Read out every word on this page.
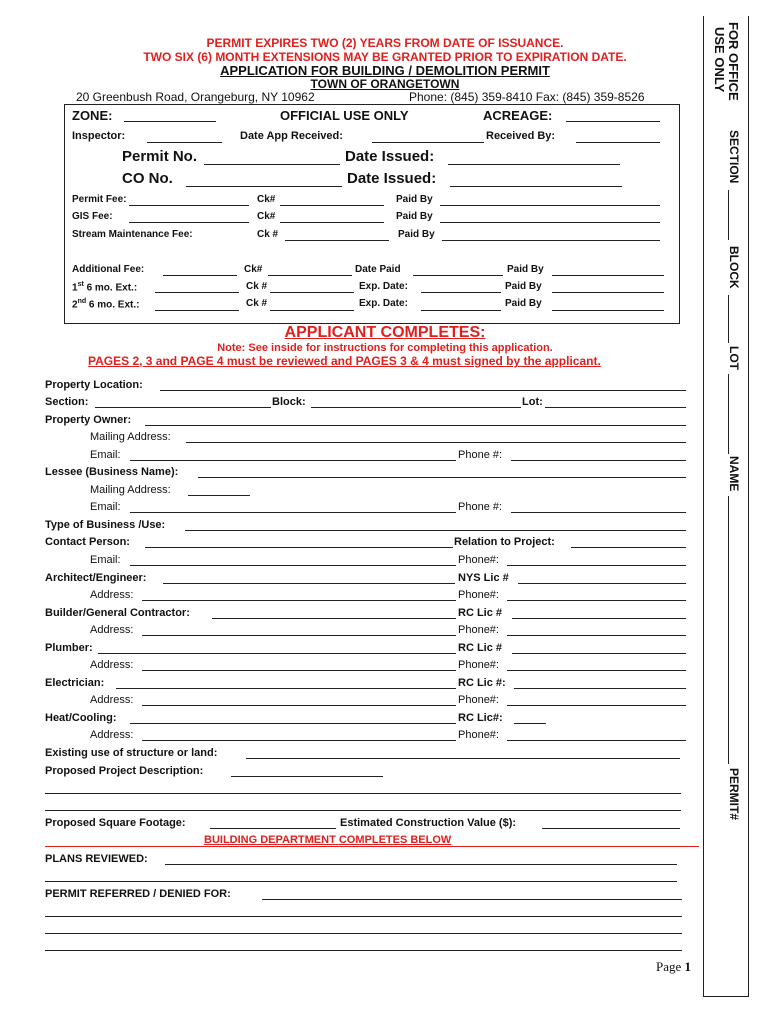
PERMIT EXPIRES TWO (2) YEARS FROM DATE OF ISSUANCE.
TWO SIX (6) MONTH EXTENSIONS MAY BE GRANTED PRIOR TO EXPIRATION DATE.
APPLICATION FOR BUILDING / DEMOLITION PERMIT
TOWN OF ORANGETOWN
20 Greenbush Road, Orangeburg, NY 10962	Phone: (845) 359-8410 Fax: (845) 359-8526
ZONE:	OFFICIAL USE ONLY	ACREAGE:
Inspector:	Date App Received:	Received By:
Permit No.	Date Issued:
CO No.	Date Issued:
Permit Fee:	Ck#	Paid By
GIS Fee:	Ck#	Paid By
Stream Maintenance Fee:	Ck #	Paid By
Additional Fee:	Ck#	Date Paid	Paid By
1st 6 mo. Ext.:	Ck #	Exp. Date:	Paid By
2nd 6 mo. Ext.:	Ck #	Exp. Date:	Paid By
APPLICANT COMPLETES:
Note: See inside for instructions for completing this application.
PAGES 2, 3 and PAGE 4 must be reviewed and PAGES 3 & 4 must signed by the applicant.
Property Location:
Section:	Block:	Lot:
Property Owner:
Mailing Address:
Email:	Phone #:
Lessee (Business Name):
Mailing Address:
Email:	Phone #:
Type of Business /Use:
Contact Person:	Relation to Project:
Email:	Phone#:
Architect/Engineer:	NYS Lic #
Address:	Phone#:
Builder/General Contractor:	RC Lic #
Address:	Phone#:
Plumber:	RC Lic #
Address:	Phone#:
Electrician:	RC Lic #:
Address:	Phone#:
Heat/Cooling:	RC Lic#:
Address:	Phone#:
Existing use of structure or land:
Proposed Project Description:
Proposed Square Footage:	Estimated Construction Value ($):
BUILDING DEPARTMENT COMPLETES BELOW
PLANS REVIEWED:
PERMIT REFERRED / DENIED FOR:
Page 1
FOR OFFICE
USE ONLY
SECTION
BLOCK
LOT
NAME
PERMIT#
